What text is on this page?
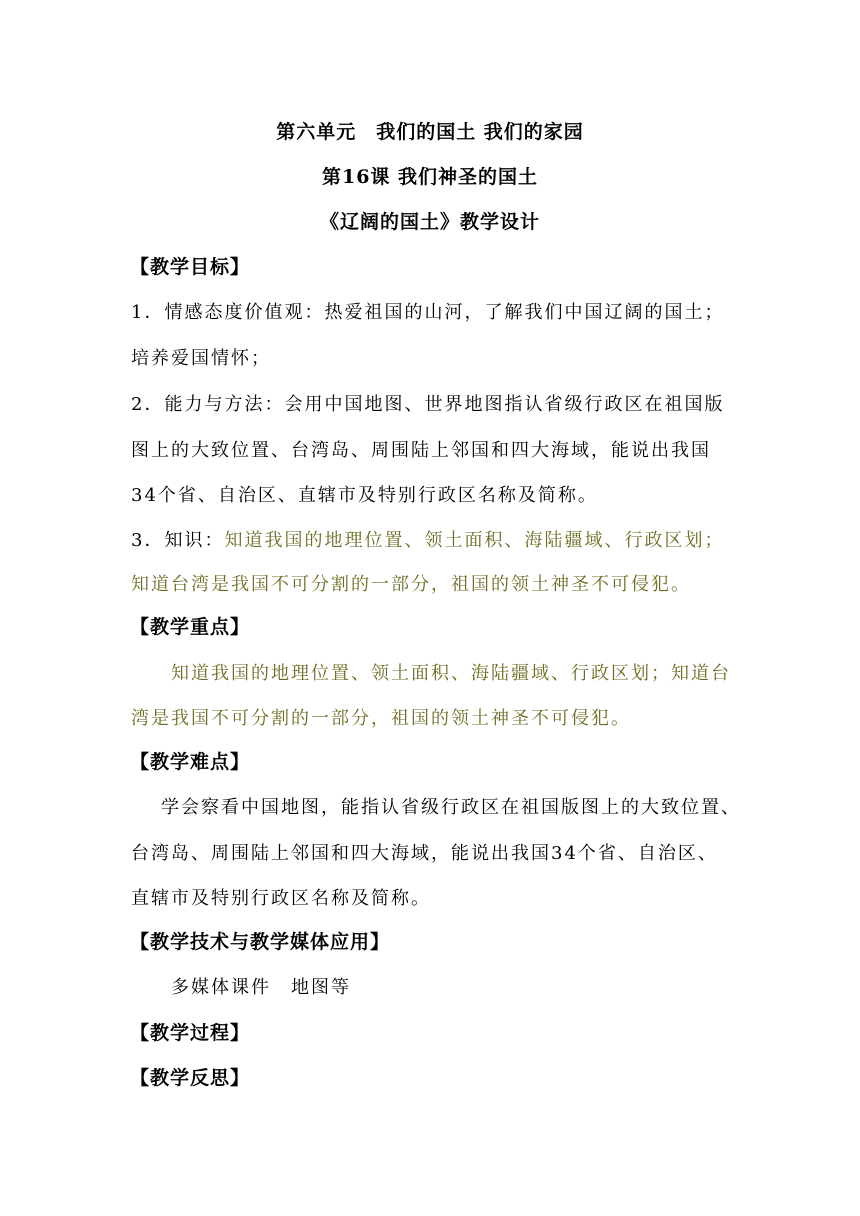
第六单元　我们的国土 我们的家园
第16课 我们神圣的国土
《辽阔的国土》教学设计
【教学目标】
1．情感态度价值观：热爱祖国的山河，了解我们中国辽阔的国土；
培养爱国情怀；
2．能力与方法：会用中国地图、世界地图指认省级行政区在祖国版
图上的大致位置、台湾岛、周围陆上邻国和四大海域，能说出我国
34个省、自治区、直辖市及特别行政区名称及简称。
3．知识：知道我国的地理位置、领土面积、海陆疆域、行政区划；
知道台湾是我国不可分割的一部分，祖国的领土神圣不可侵犯。
【教学重点】
知道我国的地理位置、领土面积、海陆疆域、行政区划；知道台
湾是我国不可分割的一部分，祖国的领土神圣不可侵犯。
【教学难点】
学会察看中国地图，能指认省级行政区在祖国版图上的大致位置、
台湾岛、周围陆上邻国和四大海域，能说出我国34个省、自治区、
直辖市及特别行政区名称及简称。
【教学技术与教学媒体应用】
多媒体课件　地图等
【教学过程】
【教学反思】
